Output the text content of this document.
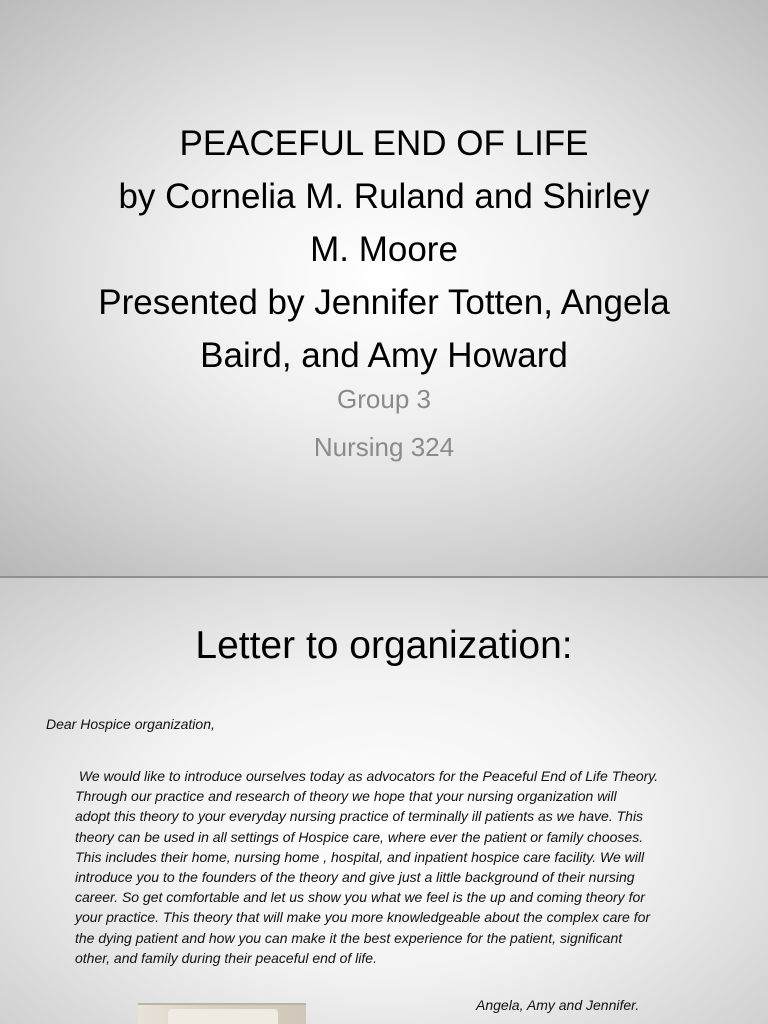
PEACEFUL END OF LIFE
by Cornelia M. Ruland and Shirley
M. Moore
Presented by Jennifer Totten, Angela
Baird, and Amy Howard
Group 3
Nursing 324
Letter to organization:
Dear Hospice organization,
We would like to introduce ourselves today as advocators for the Peaceful End of Life Theory.
Through our practice and research of theory we hope that your nursing organization will
adopt this theory to your everyday nursing practice of terminally ill patients as we have. This
theory can be used in all settings of Hospice care, where ever the patient or family chooses.
This includes their home, nursing home , hospital, and inpatient hospice care facility. We will
introduce you to the founders of the theory and give just a little background of their nursing
career. So get comfortable and let us show you what we feel is the up and coming theory for
your practice. This theory that will make you more knowledgeable about the complex care for
the dying patient and how you can make it the best experience for the patient, significant
other, and family during their peaceful end of life.
Angela, Amy and Jennifer.
